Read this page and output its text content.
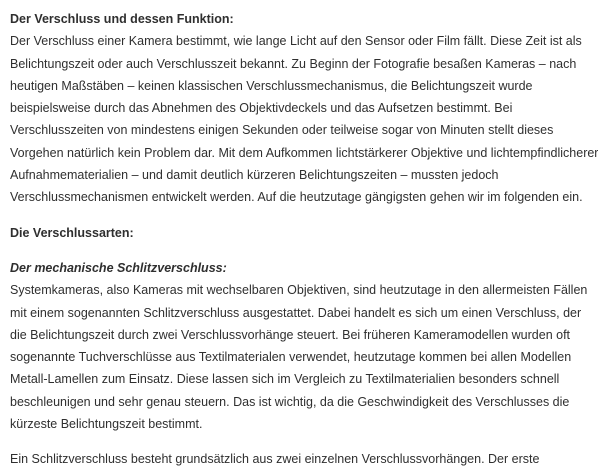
Der Verschluss und dessen Funktion:
Der Verschluss einer Kamera bestimmt, wie lange Licht auf den Sensor oder Film fällt. Diese Zeit ist als
Belichtungszeit oder auch Verschlusszeit bekannt. Zu Beginn der Fotografie besaßen Kameras – nach
heutigen Maßstäben – keinen klassischen Verschlussmechanismus, die Belichtungszeit wurde
beispielsweise durch das Abnehmen des Objektivdeckels und das Aufsetzen bestimmt. Bei
Verschlusszeiten von mindestens einigen Sekunden oder teilweise sogar von Minuten stellt dieses
Vorgehen natürlich kein Problem dar. Mit dem Aufkommen lichtstärkerer Objektive und lichtempfindlicherer
Aufnahmematerialien – und damit deutlich kürzeren Belichtungszeiten – mussten jedoch
Verschlussmechanismen entwickelt werden. Auf die heutzutage gängigsten gehen wir im folgenden ein.
Die Verschlussarten:
Der mechanische Schlitzverschluss:
Systemkameras, also Kameras mit wechselbaren Objektiven, sind heutzutage in den allermeisten Fällen
mit einem sogenannten Schlitzverschluss ausgestattet. Dabei handelt es sich um einen Verschluss, der
die Belichtungszeit durch zwei Verschlussvorhänge steuert. Bei früheren Kameramodellen wurden oft
sogenannte Tuchverschlüsse aus Textilmaterialen verwendet, heutzutage kommen bei allen Modellen
Metall-Lamellen zum Einsatz. Diese lassen sich im Vergleich zu Textilmaterialien besonders schnell
beschleunigen und sehr genau steuern. Das ist wichtig, da die Geschwindigkeit des Verschlusses die
kürzeste Belichtungszeit bestimmt.
Ein Schlitzverschluss besteht grundsätzlich aus zwei einzelnen Verschlussvorhängen. Der erste
